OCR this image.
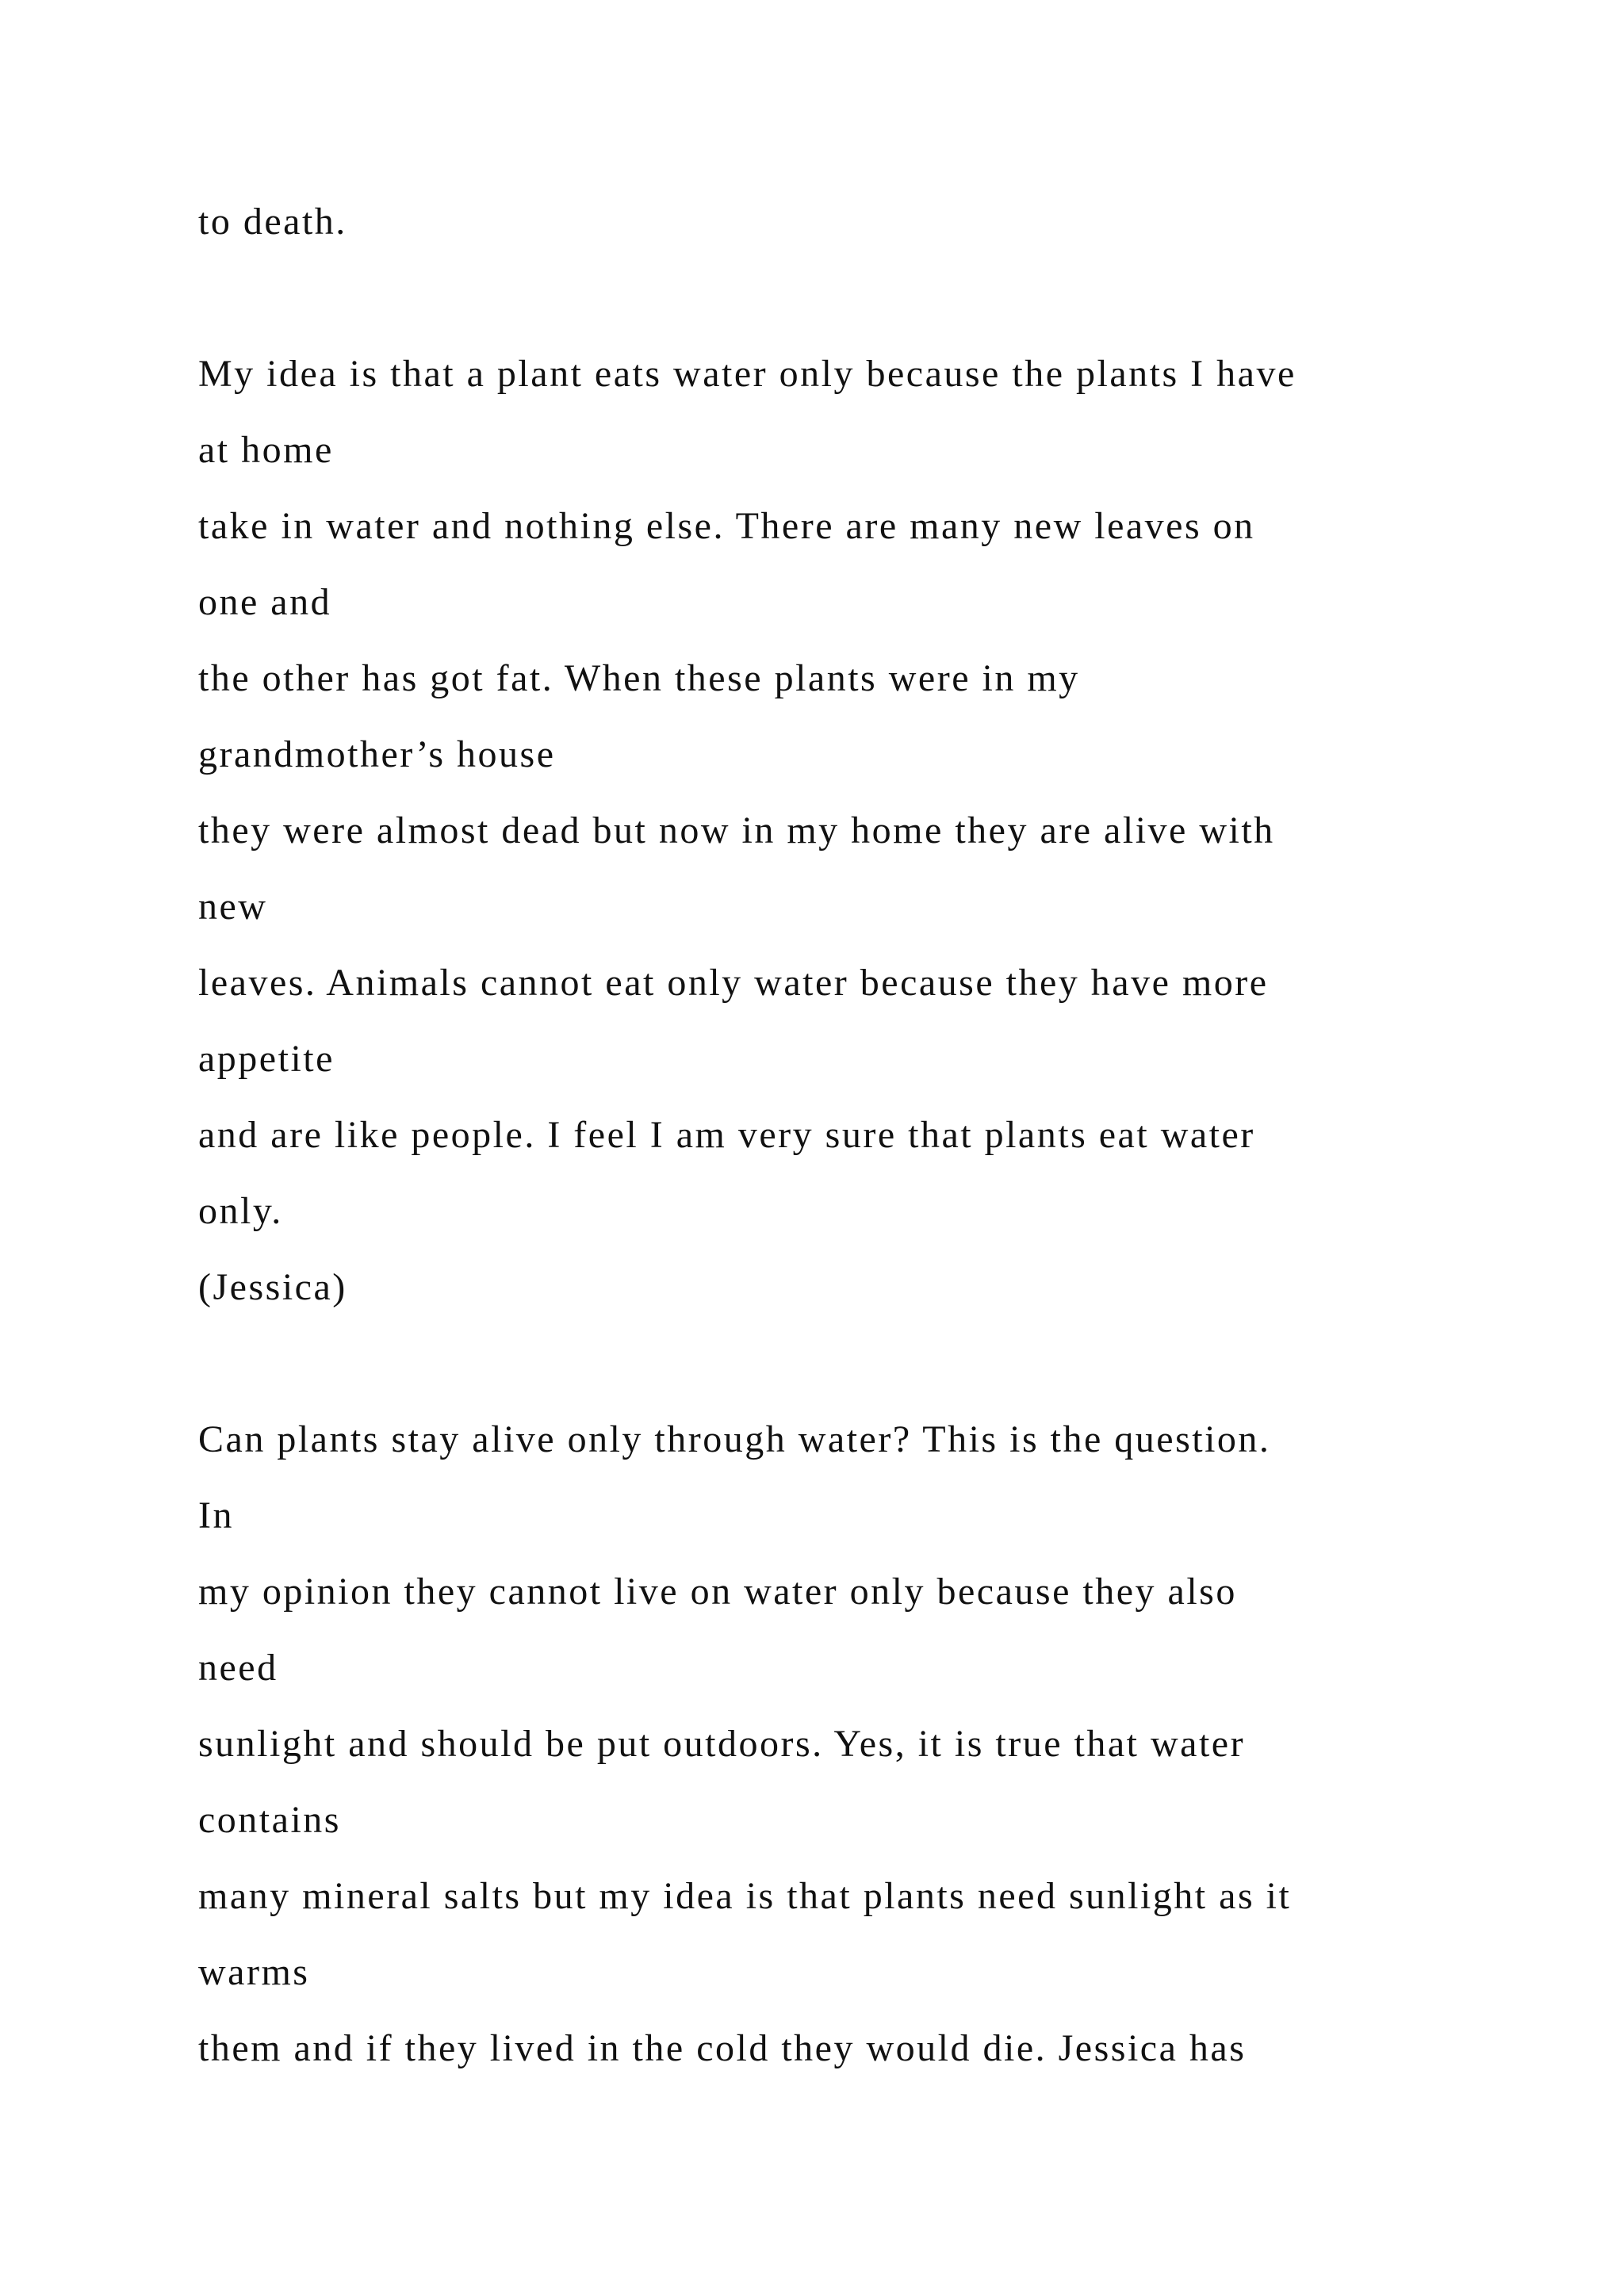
to death.
My idea is that a plant eats water only because the plants I have
at home
take in water and nothing else. There are many new leaves on
one and
the other has got fat. When these plants were in my
grandmother’s house
they were almost dead but now in my home they are alive with
new
leaves. Animals cannot eat only water because they have more
appetite
and are like people. I feel I am very sure that plants eat water
only.
(Jessica)
Can plants stay alive only through water? This is the question.
In
my opinion they cannot live on water only because they also
need
sunlight and should be put outdoors. Yes, it is true that water
contains
many mineral salts but my idea is that plants need sunlight as it
warms
them and if they lived in the cold they would die. Jessica has
